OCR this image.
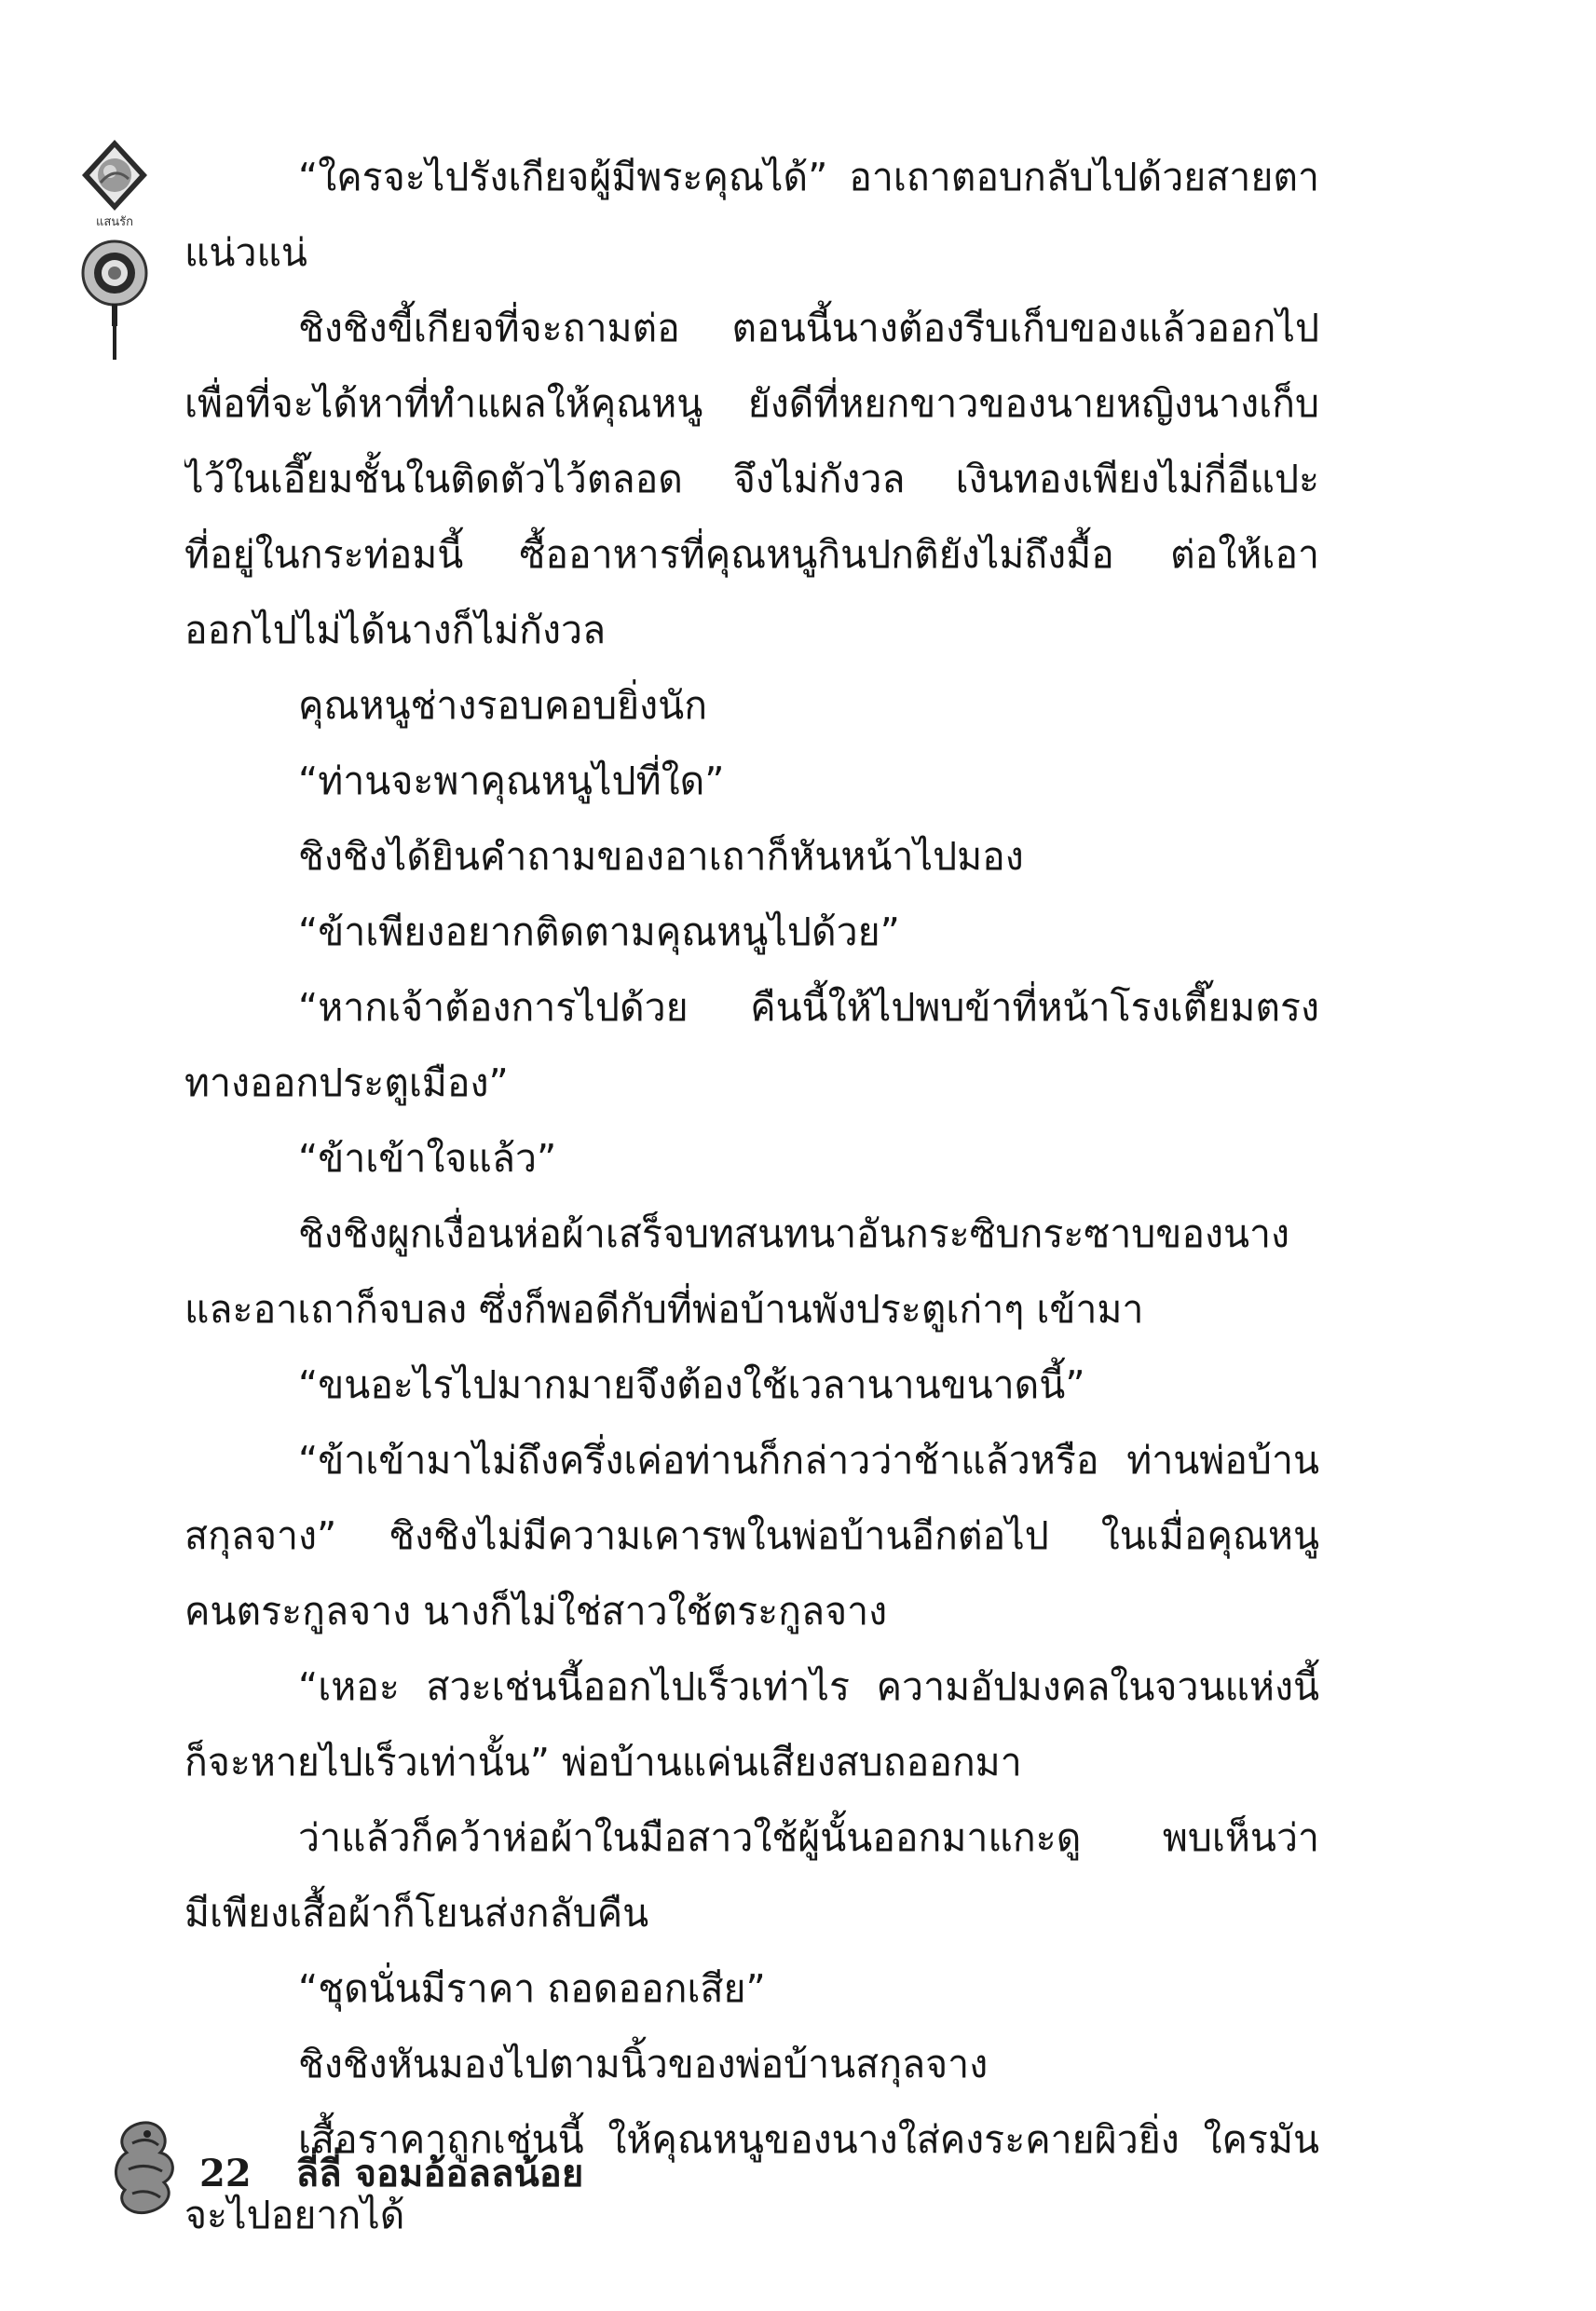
แสนรัก
“ใครจะไปรังเกียจผู้มีพระคุณได้” อาเถาตอบกลับไปด้วยสายตา
แน่วแน่
ชิงชิงขี้เกียจที่จะถามต่อ ตอนนี้นางต้องรีบเก็บของแล้วออกไป
เพื่อที่จะได้หาที่ทำแผลให้คุณหนู ยังดีที่หยกขาวของนายหญิงนางเก็บ
ไว้ในเอี๊ยมชั้นในติดตัวไว้ตลอด จึงไม่กังวล เงินทองเพียงไม่กี่อีแปะ
ที่อยู่ในกระท่อมนี้ ซื้ออาหารที่คุณหนูกินปกติยังไม่ถึงมื้อ ต่อให้เอา
ออกไปไม่ได้นางก็ไม่กังวล
คุณหนูช่างรอบคอบยิ่งนัก
“ท่านจะพาคุณหนูไปที่ใด”
ชิงชิงได้ยินคำถามของอาเถาก็หันหน้าไปมอง
“ข้าเพียงอยากติดตามคุณหนูไปด้วย”
“หากเจ้าต้องการไปด้วย คืนนี้ให้ไปพบข้าที่หน้าโรงเตี๊ยมตรง
ทางออกประตูเมือง”
“ข้าเข้าใจแล้ว”
ชิงชิงผูกเงื่อนห่อผ้าเสร็จบทสนทนาอันกระซิบกระซาบของนาง
และอาเถาก็จบลง ซึ่งก็พอดีกับที่พ่อบ้านพังประตูเก่าๆ เข้ามา
“ขนอะไรไปมากมายจึงต้องใช้เวลานานขนาดนี้”
“ข้าเข้ามาไม่ถึงครึ่งเค่อท่านก็กล่าวว่าช้าแล้วหรือ ท่านพ่อบ้าน
สกุลจาง” ชิงชิงไม่มีความเคารพในพ่อบ้านอีกต่อไป ในเมื่อคุณหนู
คนตระกูลจาง นางก็ไม่ใช่สาวใช้ตระกูลจาง
“เหอะ สวะเช่นนี้ออกไปเร็วเท่าไร ความอัปมงคลในจวนแห่งนี้
ก็จะหายไปเร็วเท่านั้น” พ่อบ้านแค่นเสียงสบถออกมา
ว่าแล้วก็คว้าห่อผ้าในมือสาวใช้ผู้นั้นออกมาแกะดู พบเห็นว่า
มีเพียงเสื้อผ้าก็โยนส่งกลับคืน
“ชุดนั่นมีราคา ถอดออกเสีย”
ชิงชิงหันมองไปตามนิ้วของพ่อบ้านสกุลจาง
เสื้อราคาถูกเช่นนี้ ให้คุณหนูของนางใส่คงระคายผิวยิ่ง ใครมัน
จะไปอยากได้
22 ลี่ลี่ จอมอ้อลลน้อย
